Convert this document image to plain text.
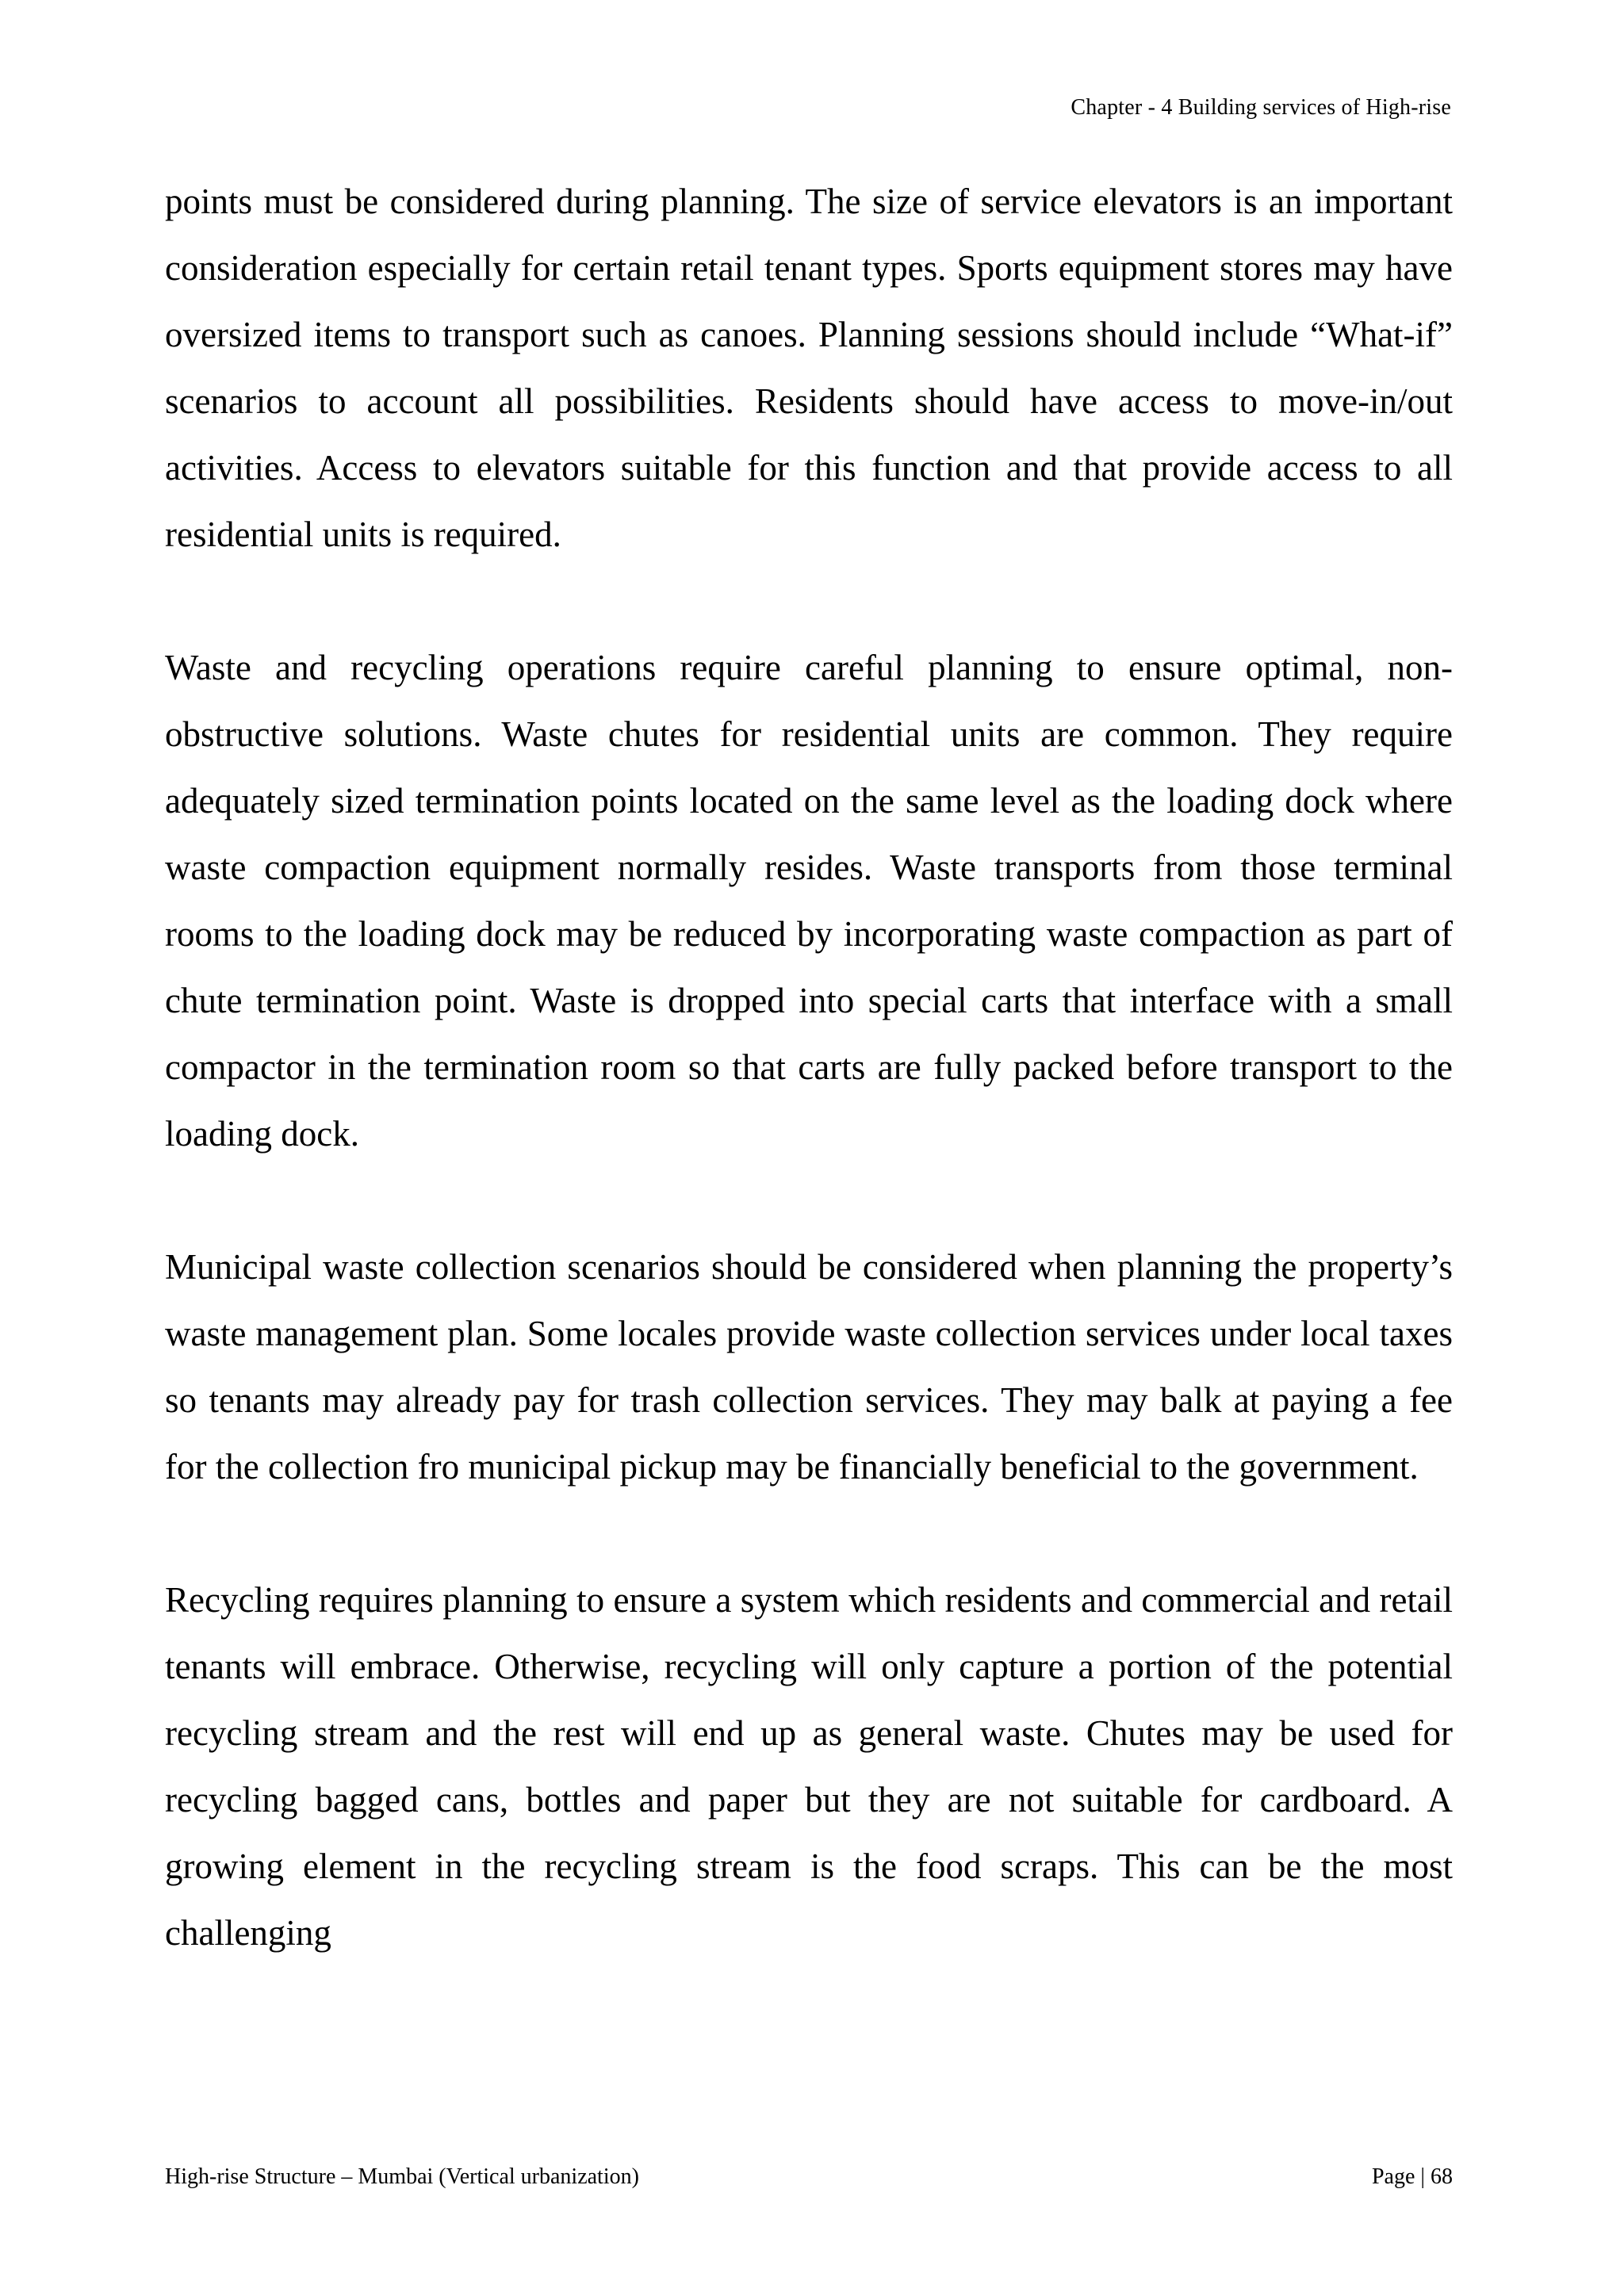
Chapter - 4 Building services of High-rise

points must be considered during planning. The size of service elevators is an important consideration especially for certain retail tenant types. Sports equipment stores may have oversized items to transport such as canoes. Planning sessions should include “What-if” scenarios to account all possibilities. Residents should have access to move-in/out activities. Access to elevators suitable for this function and that provide access to all residential units is required.

Waste and recycling operations require careful planning to ensure optimal, non-obstructive solutions. Waste chutes for residential units are common. They require adequately sized termination points located on the same level as the loading dock where waste compaction equipment normally resides. Waste transports from those terminal rooms to the loading dock may be reduced by incorporating waste compaction as part of chute termination point. Waste is dropped into special carts that interface with a small compactor in the termination room so that carts are fully packed before transport to the loading dock.

Municipal waste collection scenarios should be considered when planning the property’s waste management plan. Some locales provide waste collection services under local taxes so tenants may already pay for trash collection services. They may balk at paying a fee for the collection fro municipal pickup may be financially beneficial to the government.

Recycling requires planning to ensure a system which residents and commercial and retail tenants will embrace. Otherwise, recycling will only capture a portion of the potential recycling stream and the rest will end up as general waste. Chutes may be used for recycling bagged cans, bottles and paper but they are not suitable for cardboard. A growing element in the recycling stream is the food scraps. This can be the most challenging

High-rise Structure – Mumbai (Vertical urbanization)	Page | 68
